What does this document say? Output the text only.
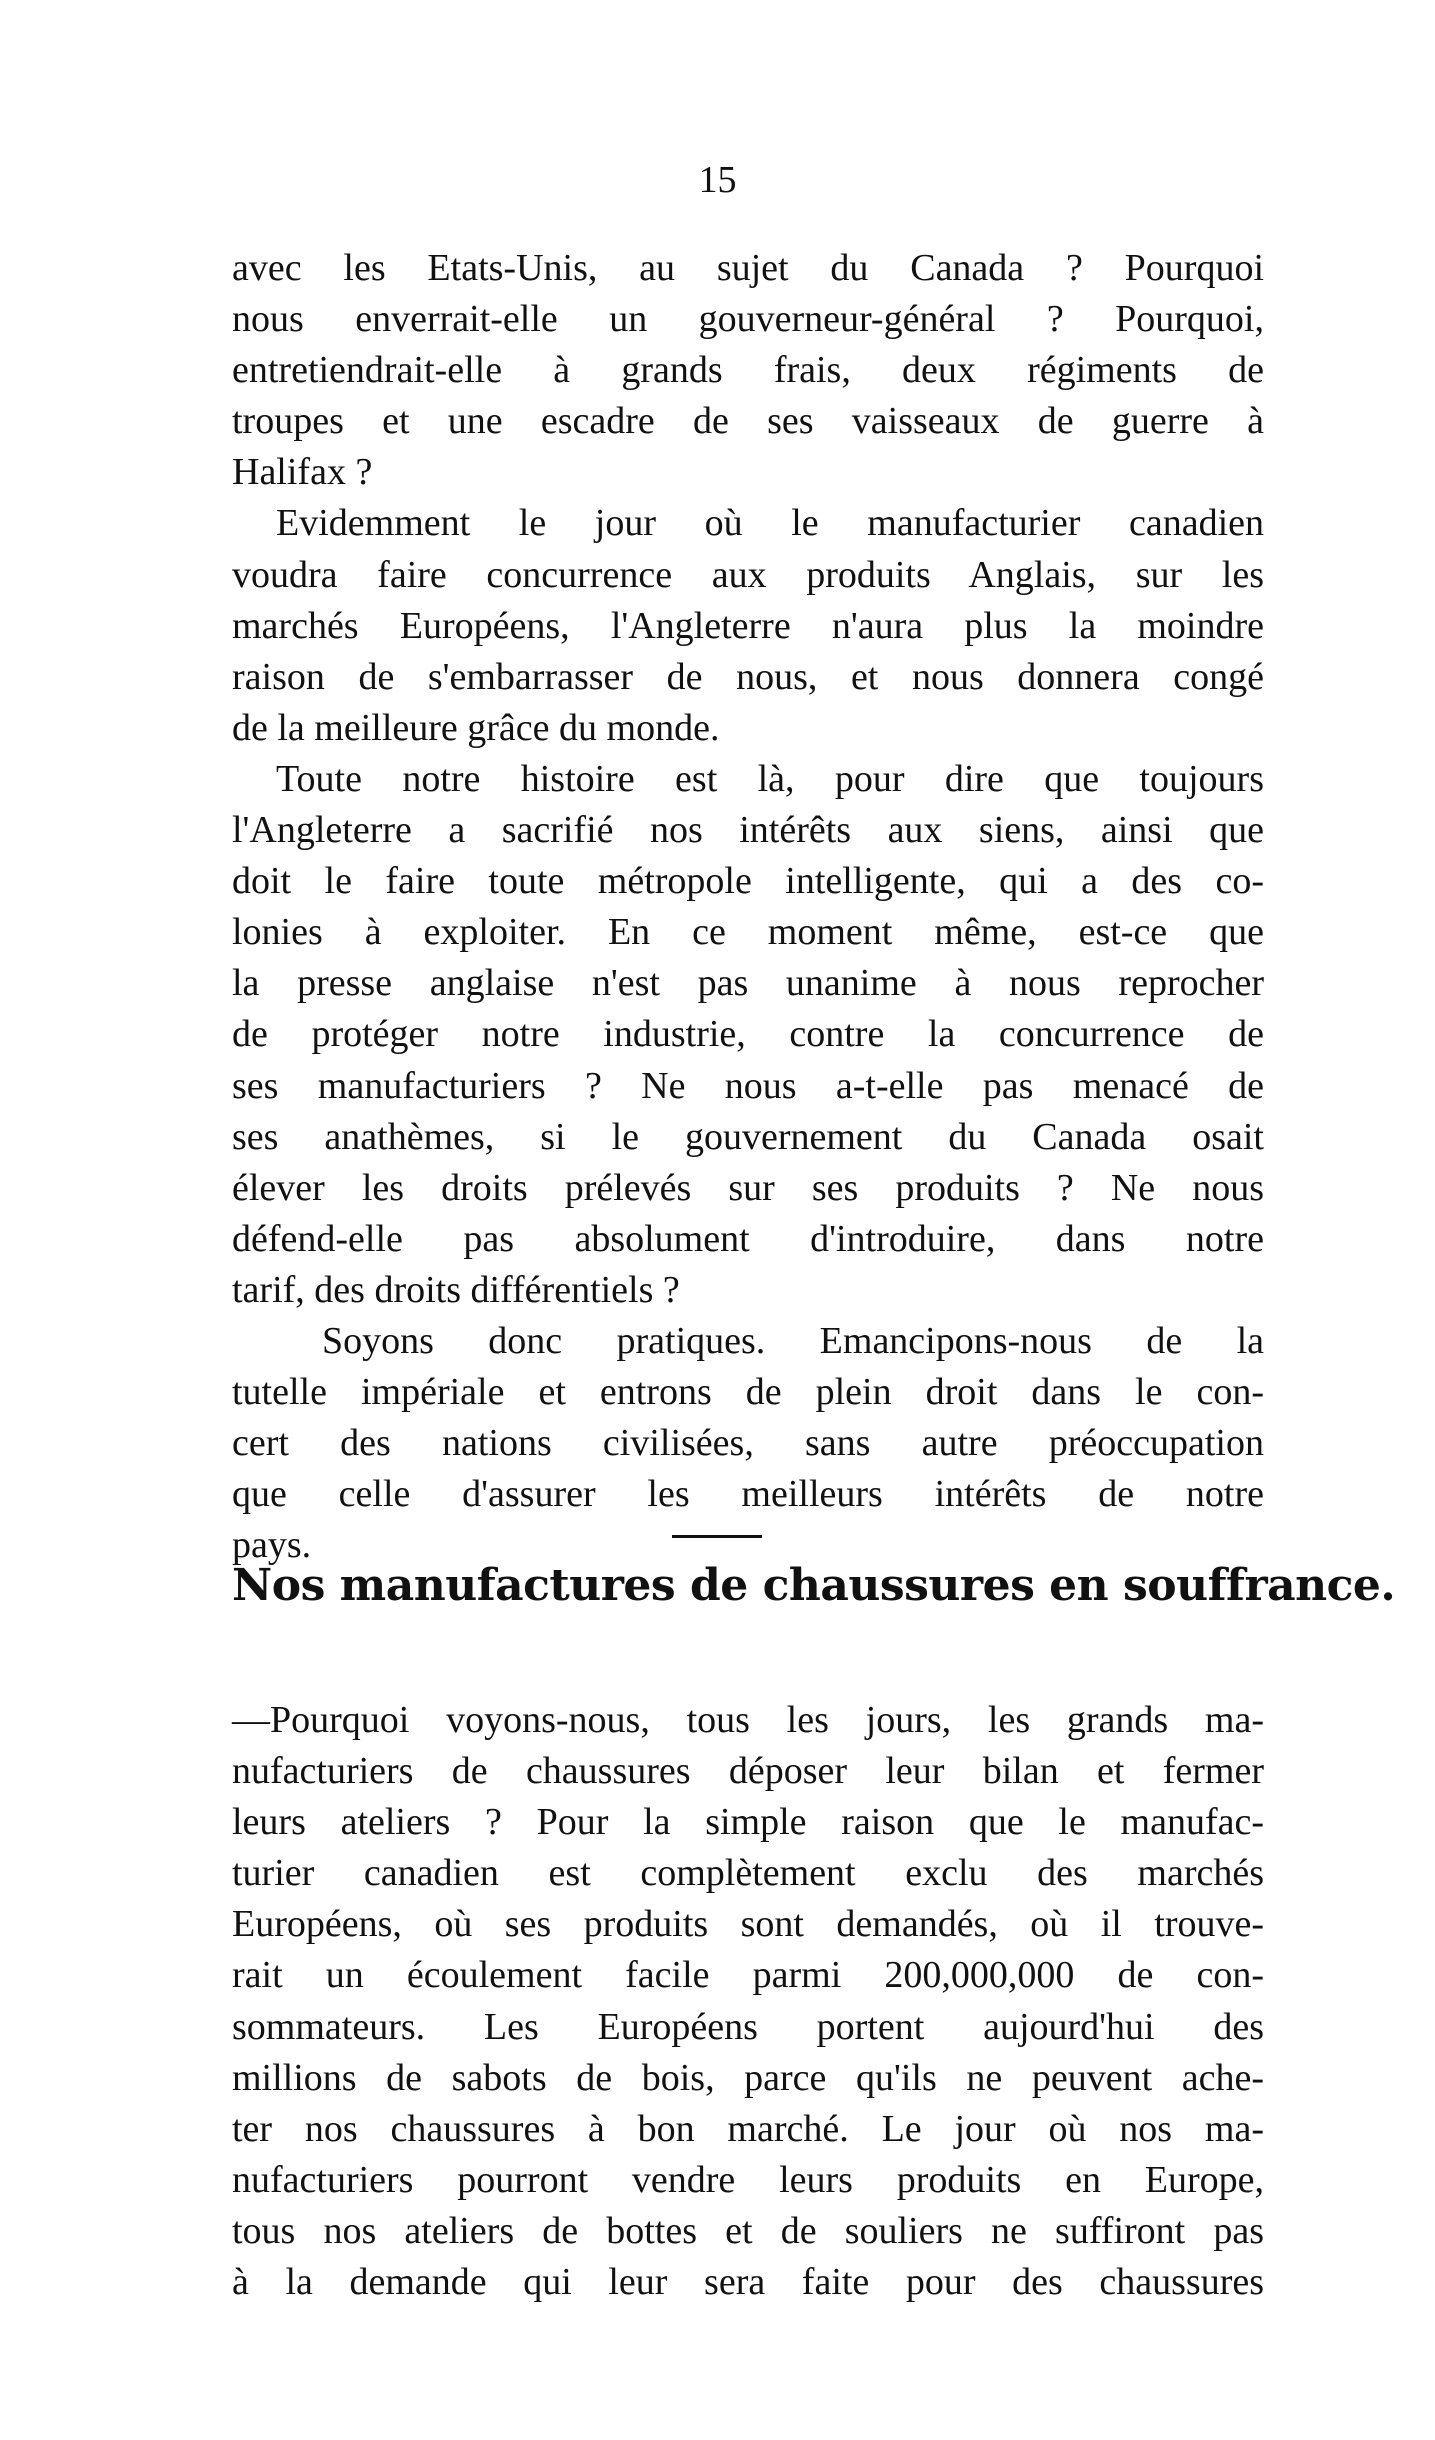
15
avec les Etats-Unis, au sujet du Canada ? Pourquoi
nous enverrait-elle un gouverneur-général ? Pourquoi,
entretiendrait-elle à grands frais, deux régiments de
troupes et une escadre de ses vaisseaux de guerre à
Halifax ?
Evidemment le jour où le manufacturier canadien
voudra faire concurrence aux produits Anglais, sur les
marchés Européens, l'Angleterre n'aura plus la moindre
raison de s'embarrasser de nous, et nous donnera congé
de la meilleure grâce du monde.
Toute notre histoire est là, pour dire que toujours
l'Angleterre a sacrifié nos intérêts aux siens, ainsi que
doit le faire toute métropole intelligente, qui a des co-
lonies à exploiter. En ce moment même, est-ce que
la presse anglaise n'est pas unanime à nous reprocher
de protéger notre industrie, contre la concurrence de
ses manufacturiers ? Ne nous a-t-elle pas menacé de
ses anathèmes, si le gouvernement du Canada osait
élever les droits prélevés sur ses produits ? Ne nous
défend-elle pas absolument d'introduire, dans notre
tarif, des droits différentiels ?
Soyons donc pratiques. Emancipons-nous de la
tutelle impériale et entrons de plein droit dans le con-
cert des nations civilisées, sans autre préoccupation
que celle d'assurer les meilleurs intérêts de notre
pays.
Nos manufactures de chaussures en souffrance.
—Pourquoi voyons-nous, tous les jours, les grands ma-
nufacturiers de chaussures déposer leur bilan et fermer
leurs ateliers ? Pour la simple raison que le manufac-
turier canadien est complètement exclu des marchés
Européens, où ses produits sont demandés, où il trouve-
rait un écoulement facile parmi 200,000,000 de con-
sommateurs. Les Européens portent aujourd'hui des
millions de sabots de bois, parce qu'ils ne peuvent ache-
ter nos chaussures à bon marché. Le jour où nos ma-
nufacturiers pourront vendre leurs produits en Europe,
tous nos ateliers de bottes et de souliers ne suffiront pas
à la demande qui leur sera faite pour des chaussures
